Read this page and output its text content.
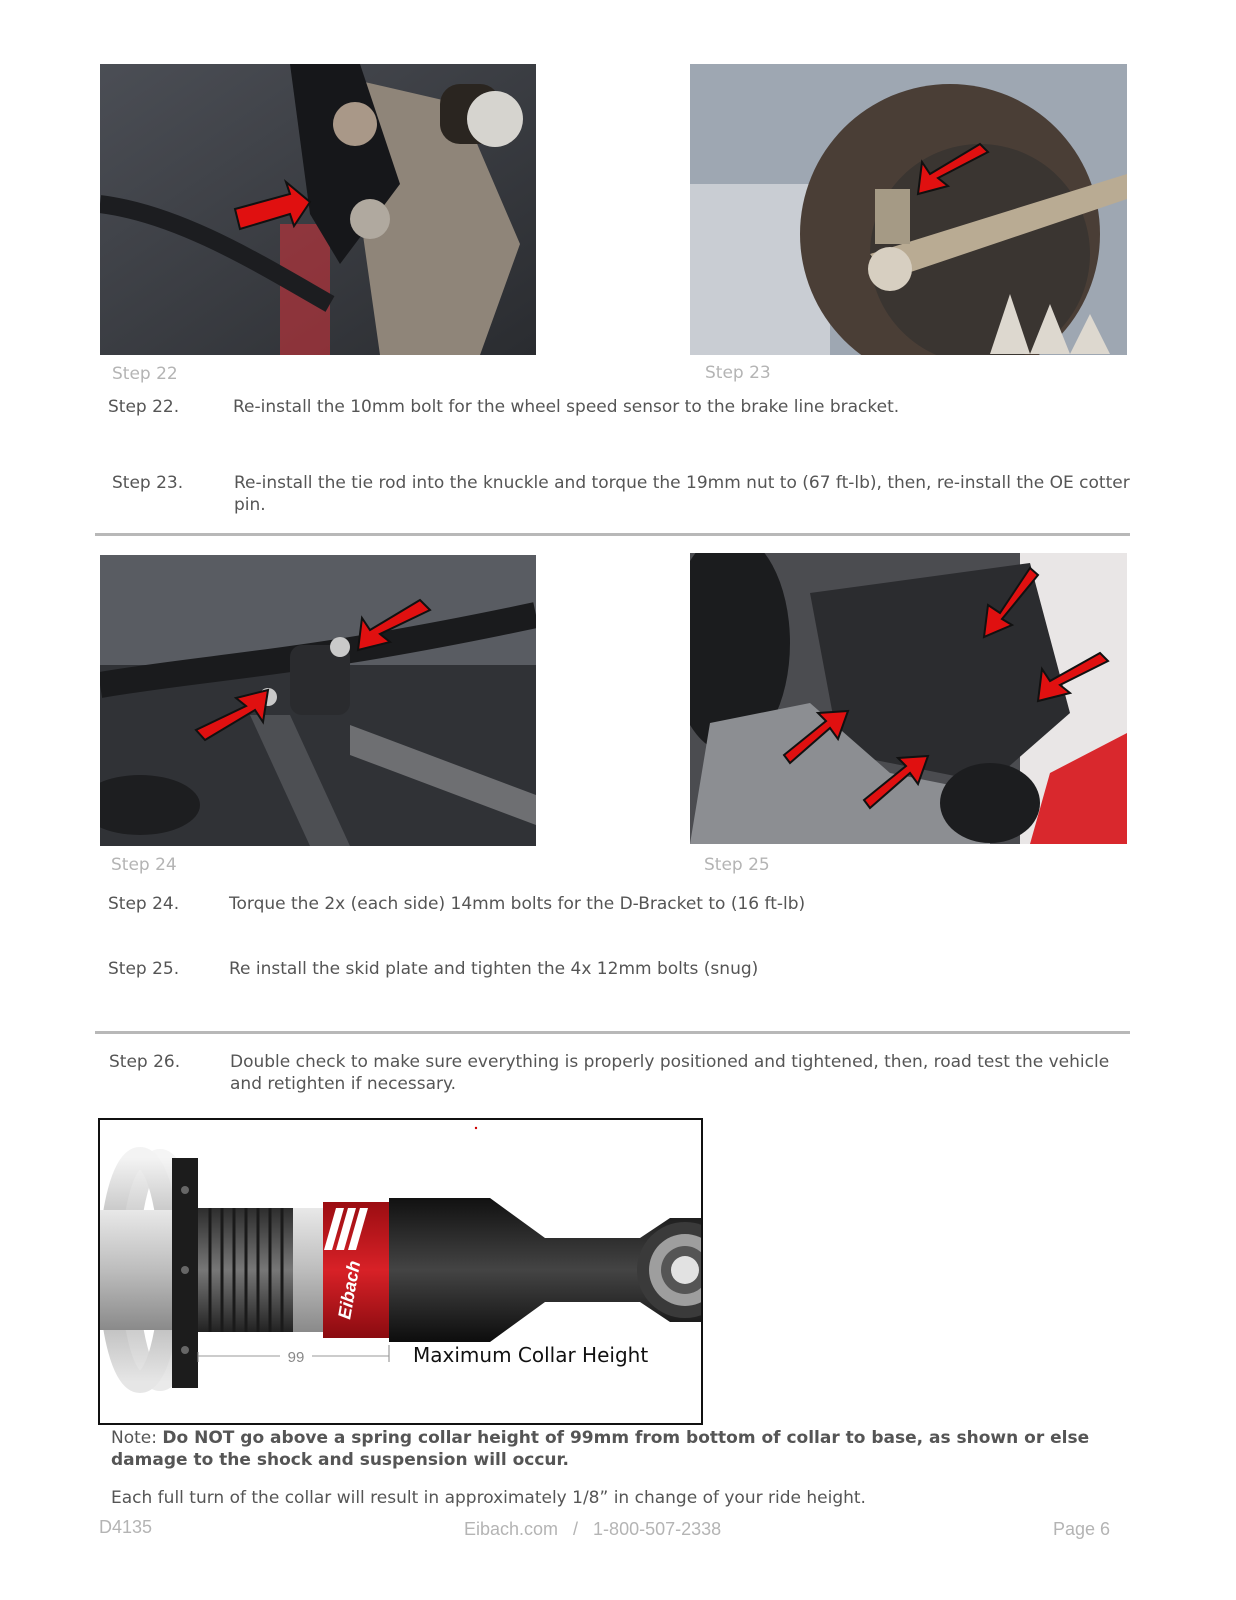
Step 22	Step 23
Step 22.	Re-install the 10mm bolt for the wheel speed sensor to the brake line bracket.
Step 23.	Re-install the tie rod into the knuckle and torque the 19mm nut to (67 ft-lb), then, re-install the OE cotter pin.
Step 24	Step 25
Step 24.	Torque the 2x (each side) 14mm bolts for the D-Bracket to (16 ft-lb)
Step 25.	Re install the skid plate and tighten the 4x 12mm bolts (snug)
Step 26.	Double check to make sure everything is properly positioned and tightened, then, road test the vehicle and retighten if necessary.
Eibach
99	Maximum Collar Height
Note: Do NOT go above a spring collar height of 99mm from bottom of collar to base, as shown or else damage to the shock and suspension will occur.
Each full turn of the collar will result in approximately 1/8” in change of your ride height.
D4135	Eibach.com   /   1-800-507-2338	Page 6
